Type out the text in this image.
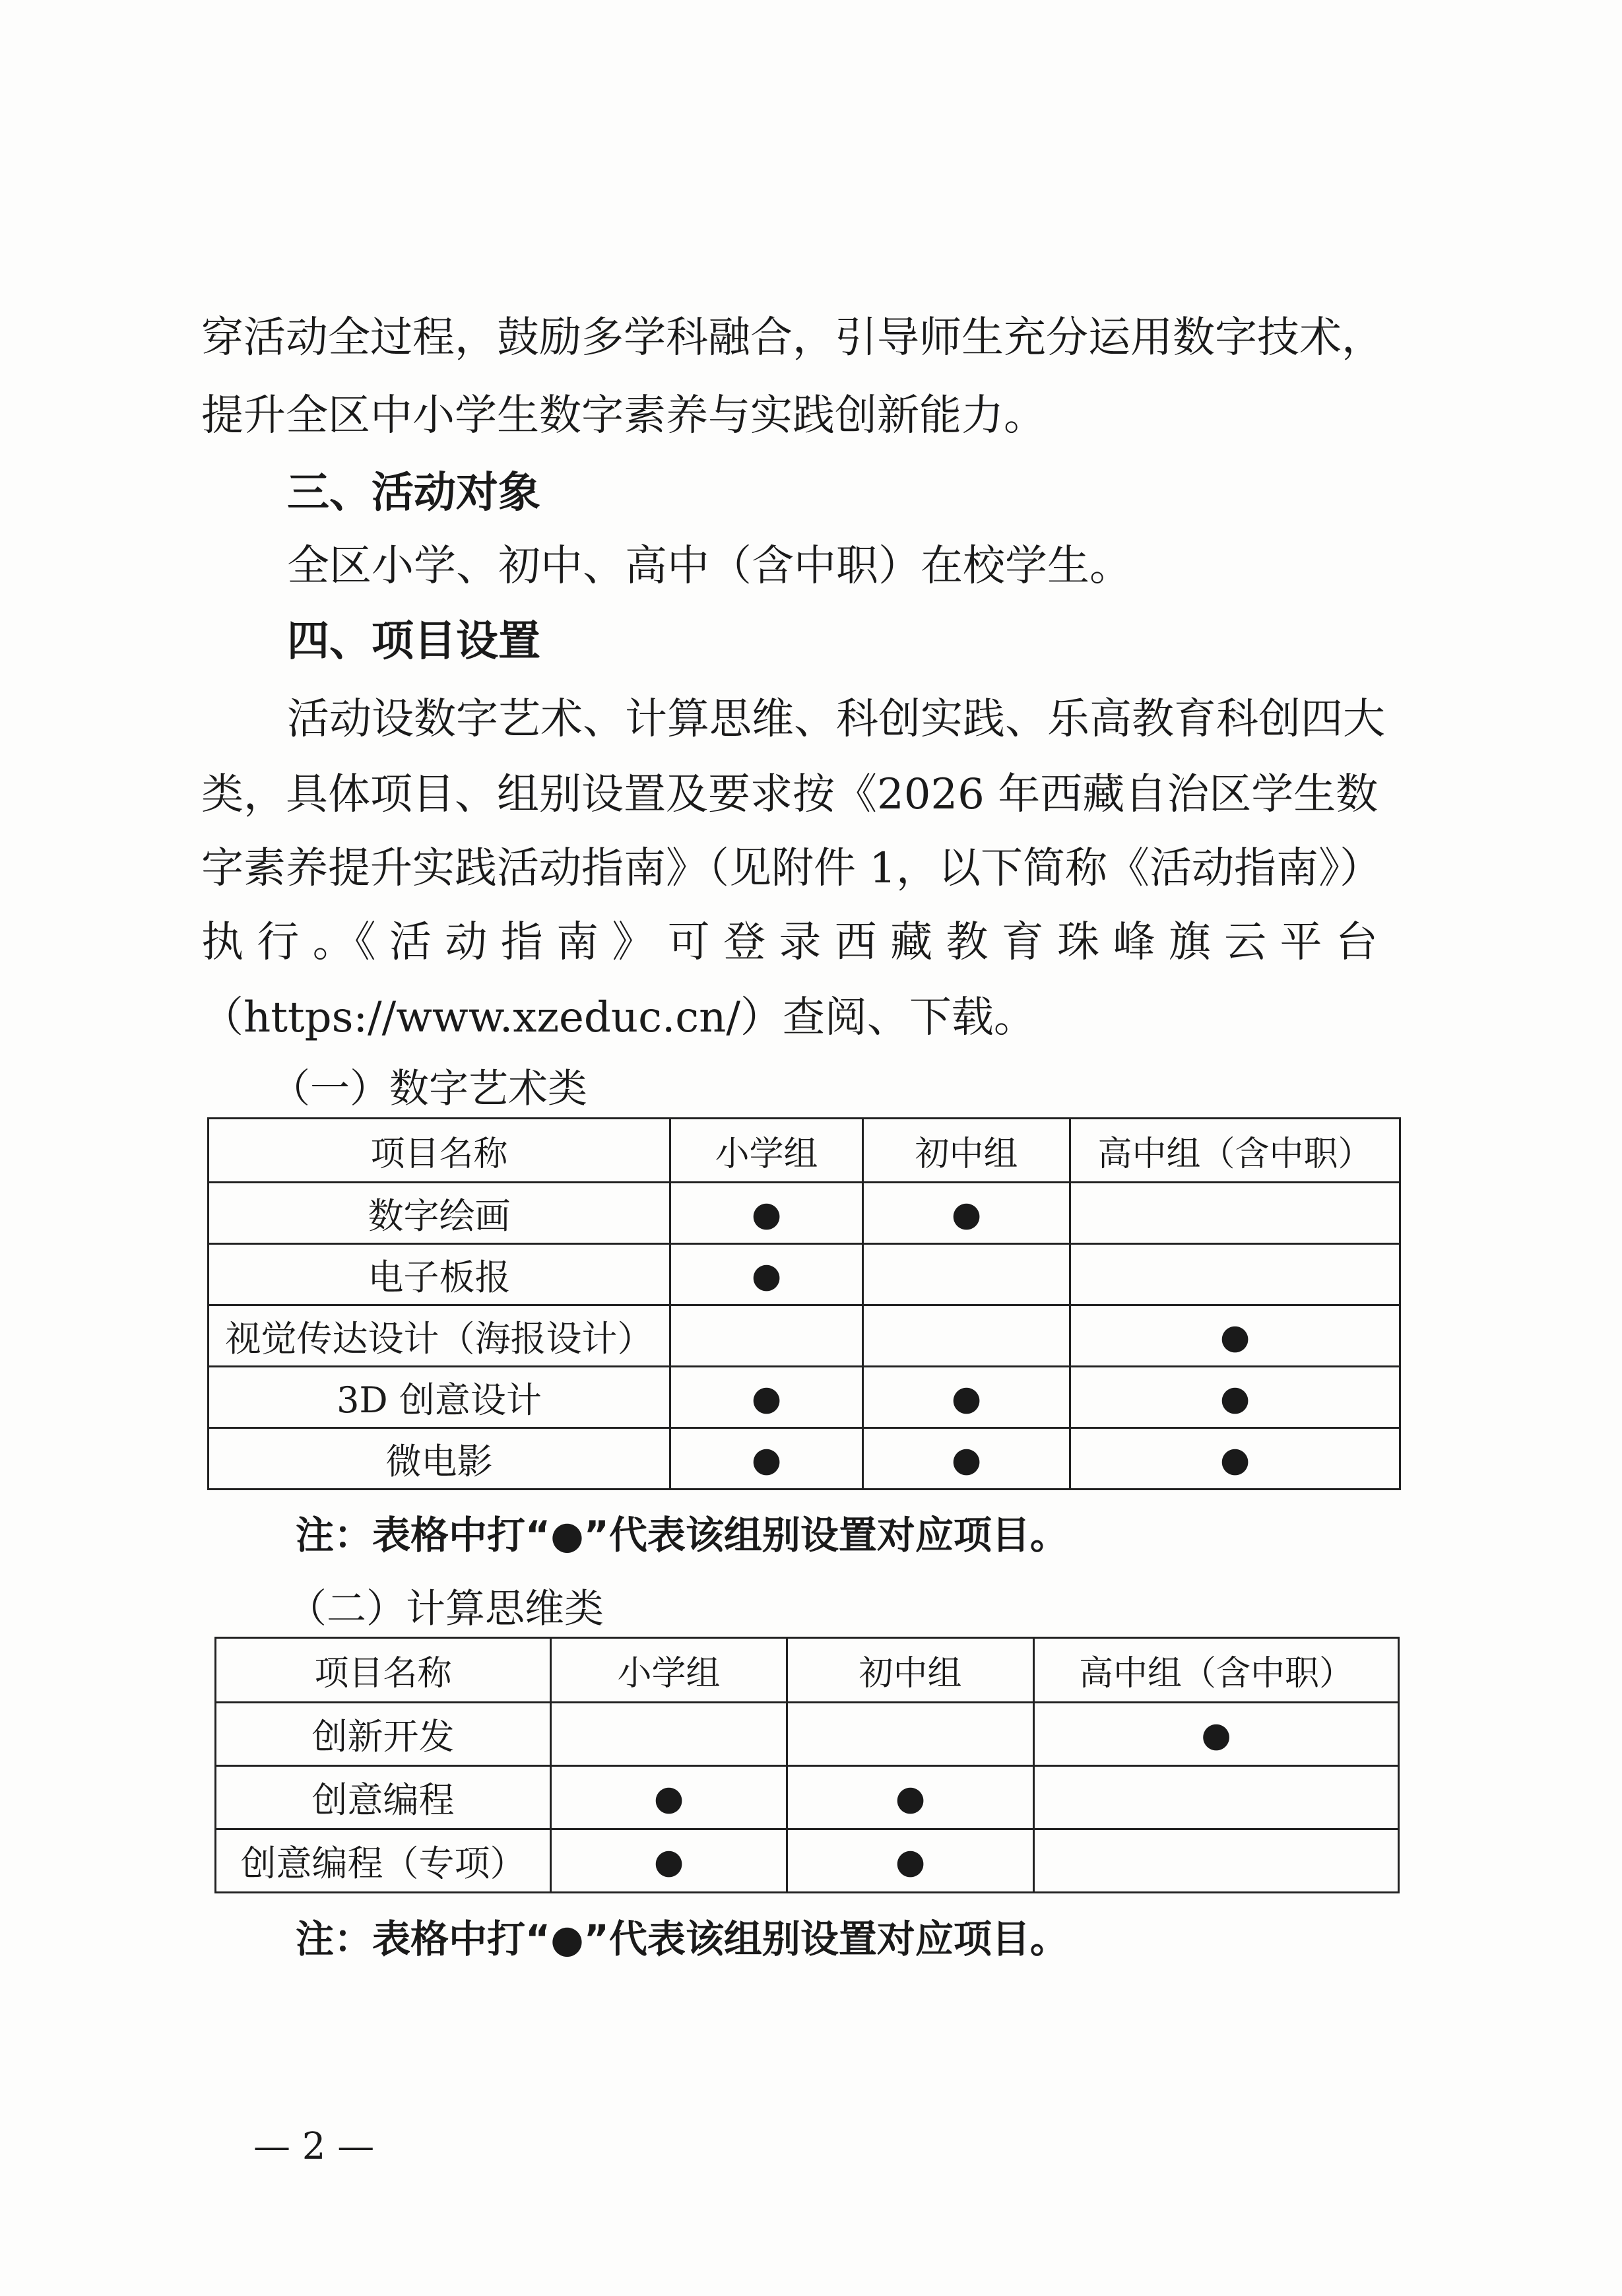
穿活动全过程，鼓励多学科融合，引导师生充分运用数字技术，

提升全区中小学生数字素养与实践创新能力。

三、活动对象

全区小学、初中、高中（含中职）在校学生。

四、项目设置

活动设数字艺术、计算思维、科创实践、乐高教育科创四大

类，具体项目、组别设置及要求按《2026 年西藏自治区学生数

字素养提升实践活动指南》（见附件 1，以下简称《活动指南》）

执 行 。《 活 动 指 南 》 可 登 录 西 藏 教 育 珠 峰 旗 云 平 台

（https://www.xzeduc.cn/）查阅、下载。

（一）数字艺术类

项目名称	小学组	初中组	高中组（含中职）
数字绘画	●	●	
电子板报	●		
视觉传达设计（海报设计）			●
3D 创意设计	●	●	●
微电影	●	●	●

注：表格中打“●”代表该组别设置对应项目。

（二）计算思维类

项目名称	小学组	初中组	高中组（含中职）
创新开发			●
创意编程	●	●	
创意编程（专项）	●	●	

注：表格中打“●”代表该组别设置对应项目。

— 2 —
